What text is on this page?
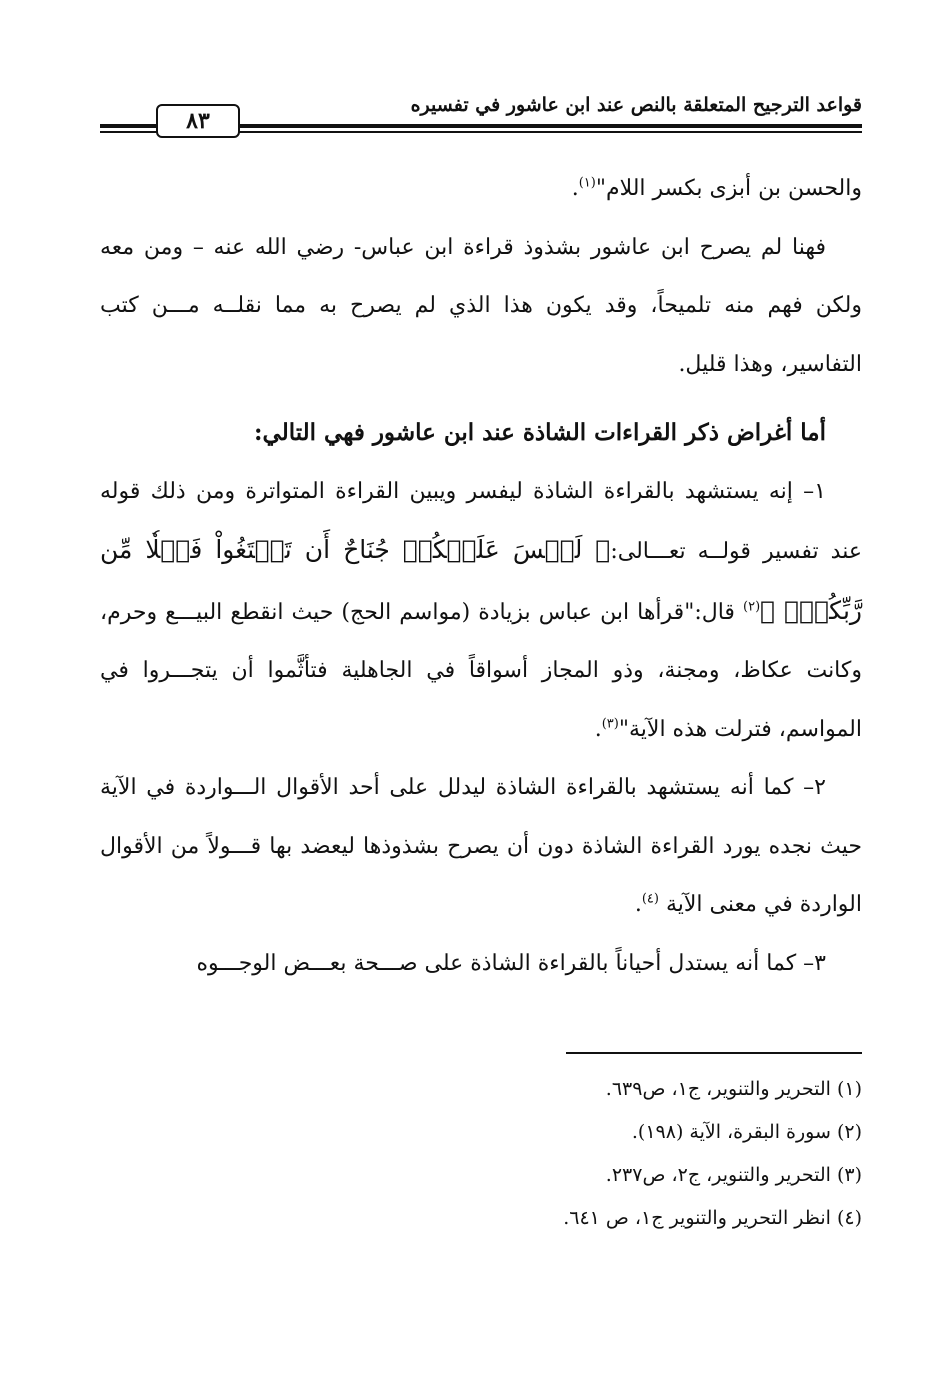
قواعد الترجيح المتعلقة بالنص عند ابن عاشور في تفسيره
٨٣

والحسن بن أبزى بكسر اللام"$^{(١)}$.

فهنا لم يصرح ابن عاشور بشذوذ قراءة ابن عباس- رضي الله عنه – ومن معه ولكن فهم منه تلميحاً، وقد يكون هذا الذي لم يصرح به مما نقلــه مـــن كتب التفاسير، وهذا قليل.

أما أغراض ذكر القراءات الشاذة عند ابن عاشور فهي التالي:

١– إنه يستشهد بالقراءة الشاذة ليفسر ويبين القراءة المتواترة ومن ذلك قوله عند تفسير قولــه تعـــالى:﴿ لَيۡسَ عَلَيۡكُمۡ جُنَاحٌ أَن تَبۡتَغُواْ فَضۡلٗا مِّن رَّبِّكُمۡۚ ﴾$^{(٢)}$ قال:"قرأها ابن عباس بزيادة (مواسم الحج) حيث انقطع البيـــع وحرم، وكانت عكاظ، ومجنة، وذو المجاز أسواقاً في الجاهلية فتأثَّموا أن يتجـــروا في المواسم، فترلت هذه الآية"$^{(٣)}$.

٢– كما أنه يستشهد بالقراءة الشاذة ليدلل على أحد الأقوال الـــواردة في الآية حيث نجده يورد القراءة الشاذة دون أن يصرح بشذوذها ليعضد بها قـــولاً من الأقوال الواردة في معنى الآية $^{(٤)}$.

٣– كما أنه يستدل أحياناً بالقراءة الشاذة على صـــحة بعـــض الوجـــوه

(١) التحرير والتنوير، ج١، ص٦٣٩.

(٢) سورة البقرة، الآية (١٩٨).

(٣) التحرير والتنوير، ج٢، ص٢٣٧.

(٤) انظر التحرير والتنوير ج١، ص ٦٤١.
